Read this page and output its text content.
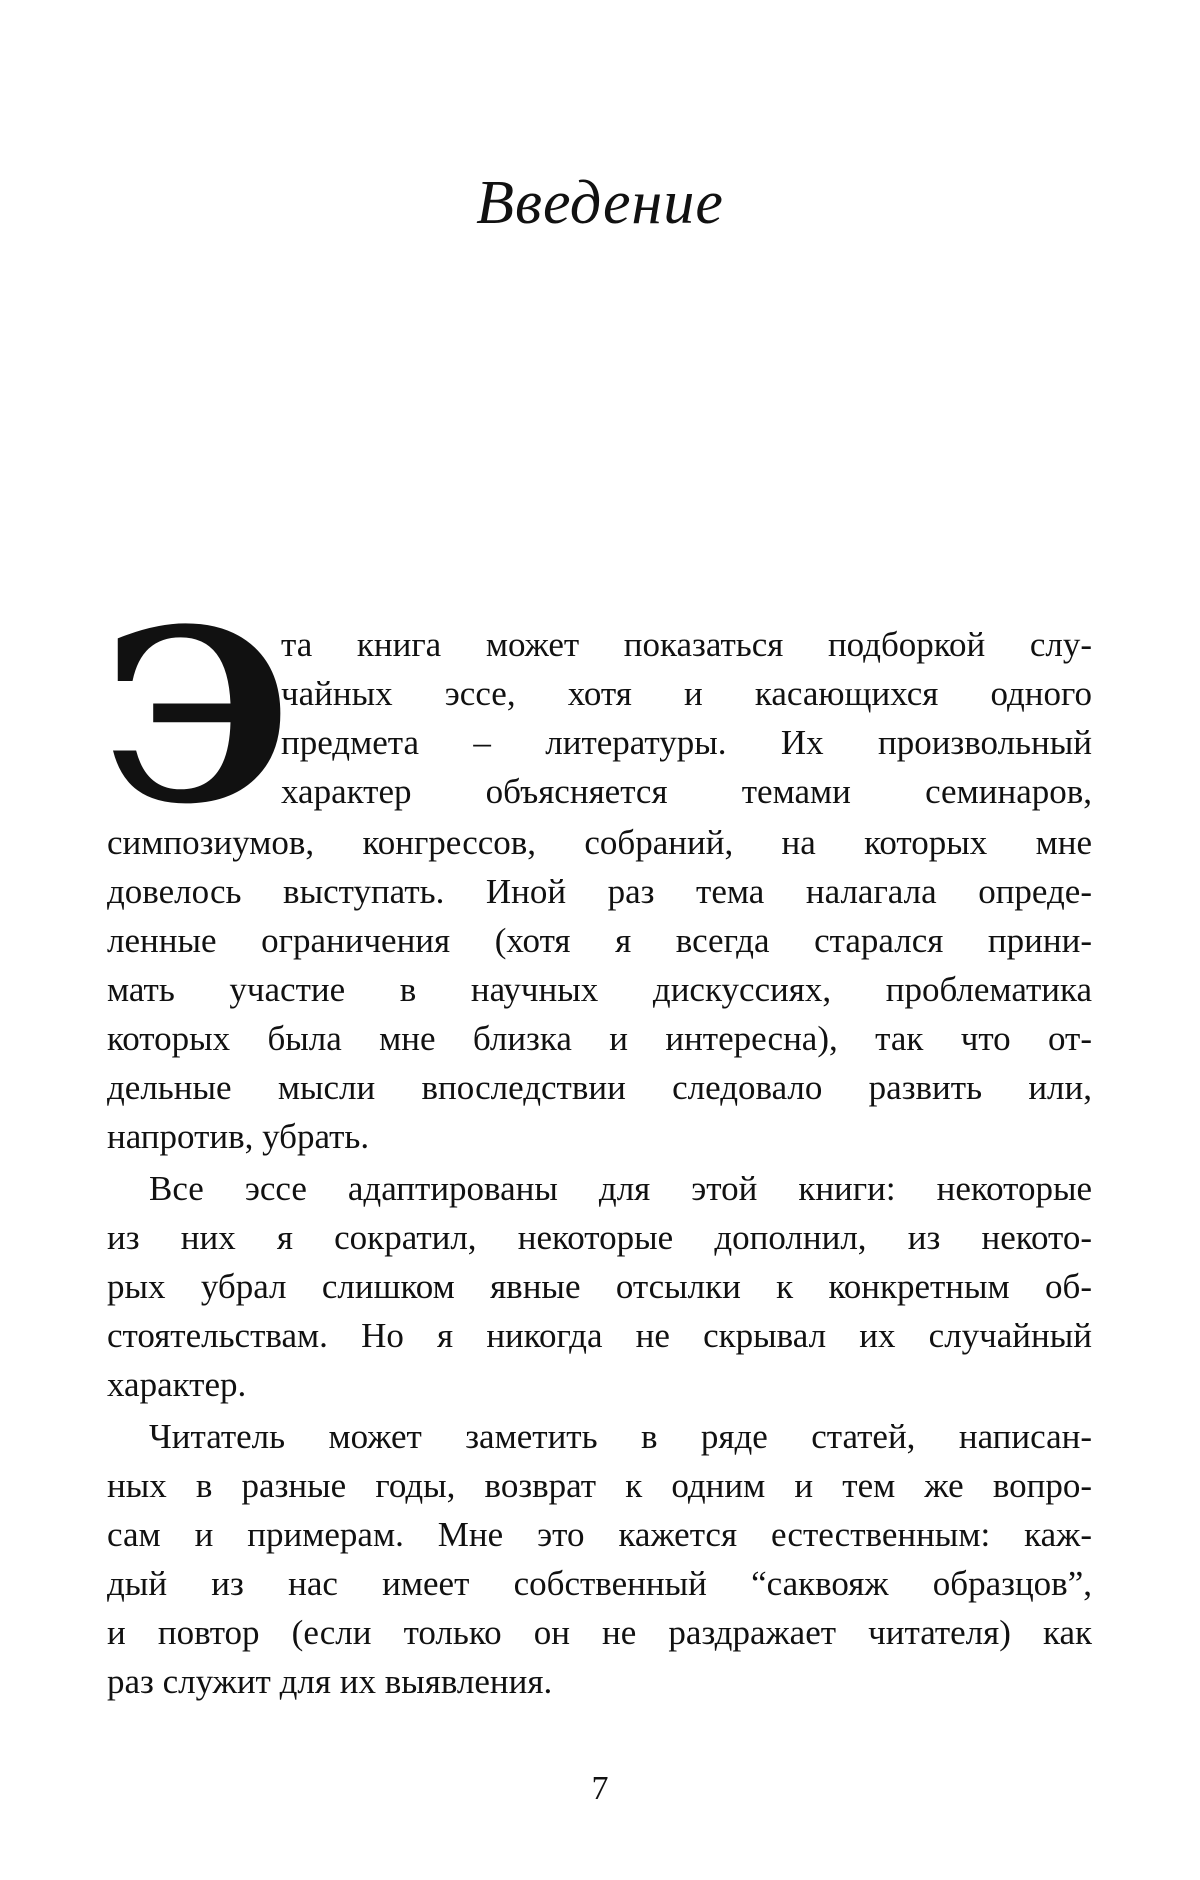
Введение
Э
та книга может показаться подборкой слу-
чайных эссе, хотя и касающихся одного
предмета – литературы. Их произвольный
характер объясняется темами семинаров,
симпозиумов, конгрессов, собраний, на которых мне
довелось выступать. Иной раз тема налагала опреде-
ленные ограничения (хотя я всегда старался прини-
мать участие в научных дискуссиях, проблематика
которых была мне близка и интересна), так что от-
дельные мысли впоследствии следовало развить или,
напротив, убрать.
Все эссе адаптированы для этой книги: некоторые
из них я сократил, некоторые дополнил, из некото-
рых убрал слишком явные отсылки к конкретным об-
стоятельствам. Но я никогда не скрывал их случайный
характер.
Читатель может заметить в ряде статей, написан-
ных в разные годы, возврат к одним и тем же вопро-
сам и примерам. Мне это кажется естественным: каж-
дый из нас имеет собственный “саквояж образцов”,
и повтор (если только он не раздражает читателя) как
раз служит для их выявления.
7
